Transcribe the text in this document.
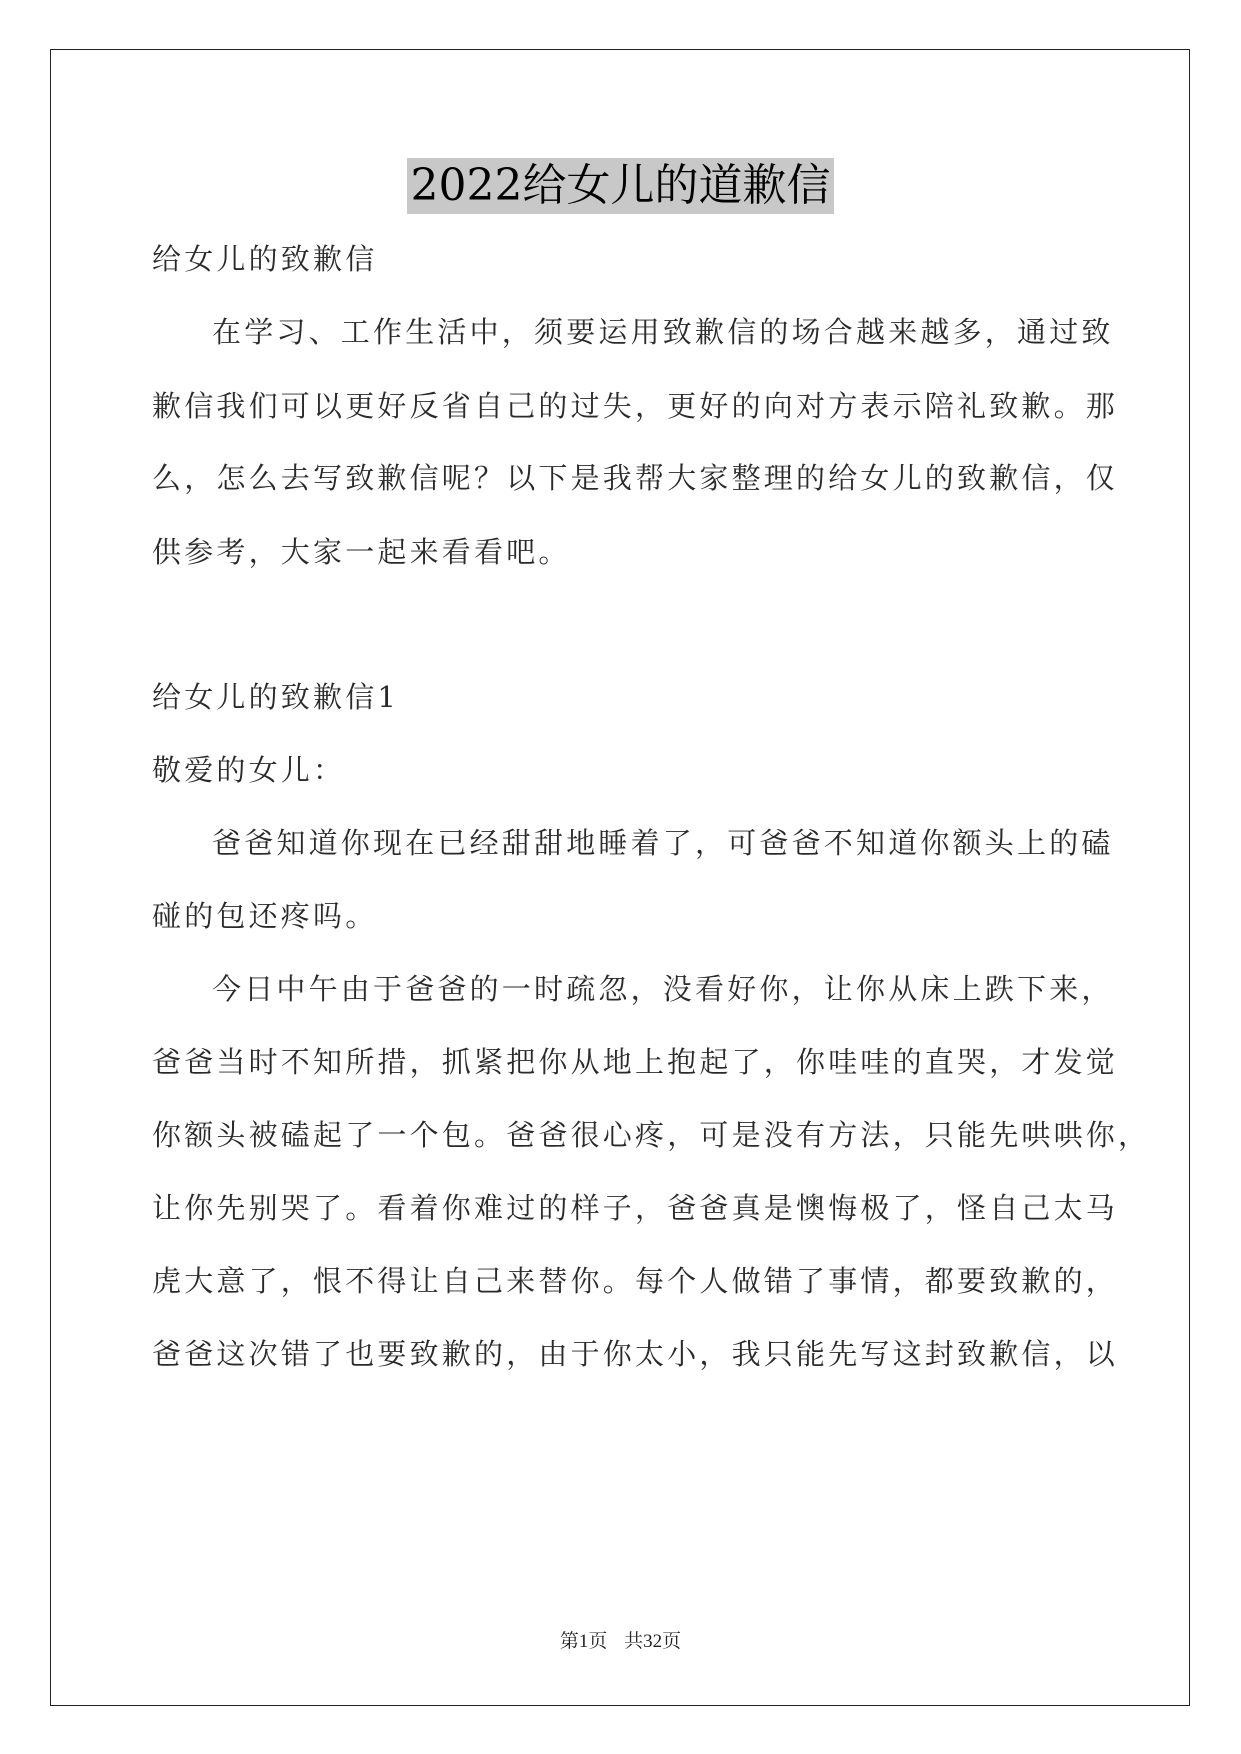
2022给女儿的道歉信
给女儿的致歉信
在学习、工作生活中，须要运用致歉信的场合越来越多，通过致
歉信我们可以更好反省自己的过失，更好的向对方表示陪礼致歉。那
么，怎么去写致歉信呢？以下是我帮大家整理的给女儿的致歉信，仅
供参考，大家一起来看看吧。
给女儿的致歉信1
敬爱的女儿：
爸爸知道你现在已经甜甜地睡着了，可爸爸不知道你额头上的磕
碰的包还疼吗。
今日中午由于爸爸的一时疏忽，没看好你，让你从床上跌下来，
爸爸当时不知所措，抓紧把你从地上抱起了，你哇哇的直哭，才发觉
你额头被磕起了一个包。爸爸很心疼，可是没有方法，只能先哄哄你，
让你先别哭了。看着你难过的样子，爸爸真是懊悔极了，怪自己太马
虎大意了，恨不得让自己来替你。每个人做错了事情，都要致歉的，
爸爸这次错了也要致歉的，由于你太小，我只能先写这封致歉信，以
第1页 共32页
